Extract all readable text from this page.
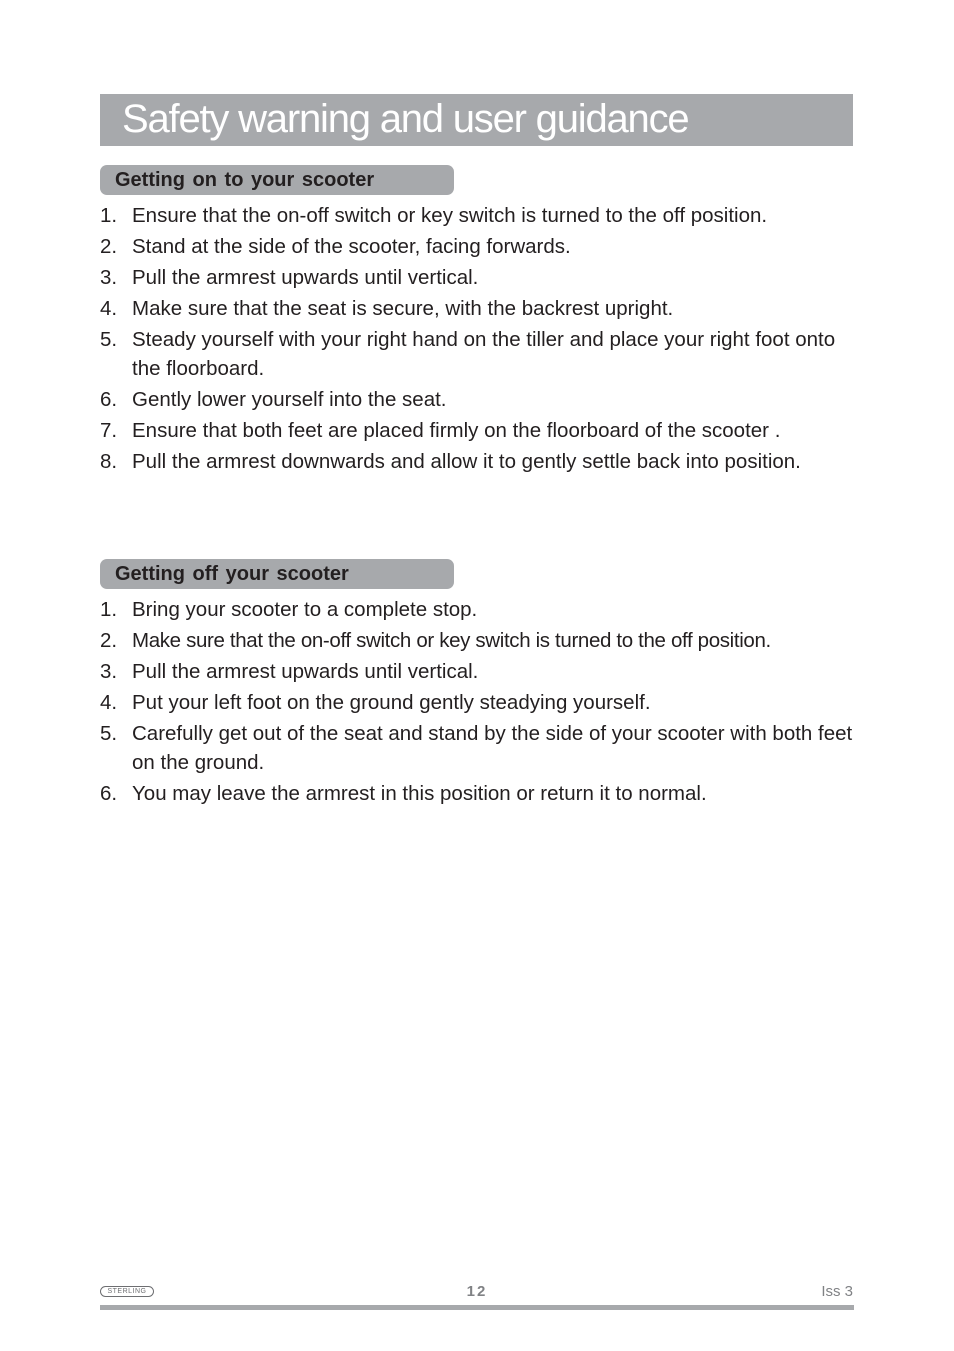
Safety warning and user guidance
Getting on to your scooter
1. Ensure that the on-off switch or key switch is turned to the off position.
2. Stand at the side of the scooter, facing forwards.
3. Pull the armrest upwards until vertical.
4. Make sure that the seat is secure, with the backrest upright.
5. Steady yourself with your right hand on the tiller and place your right foot onto the floorboard.
6. Gently lower yourself into the seat.
7. Ensure that both feet are placed firmly on the floorboard of the scooter .
8. Pull the armrest downwards and allow it to gently settle back into position.
Getting off your scooter
1. Bring your scooter to a complete stop.
2. Make sure that the on-off switch or key switch is turned to the off position.
3. Pull the armrest upwards until vertical.
4. Put your left foot on the ground gently steadying yourself.
5. Carefully get out of the seat and stand by the side of your scooter with both feet on the ground.
6. You may leave the armrest in this position or return it to normal.
STERLING	12	Iss 3
